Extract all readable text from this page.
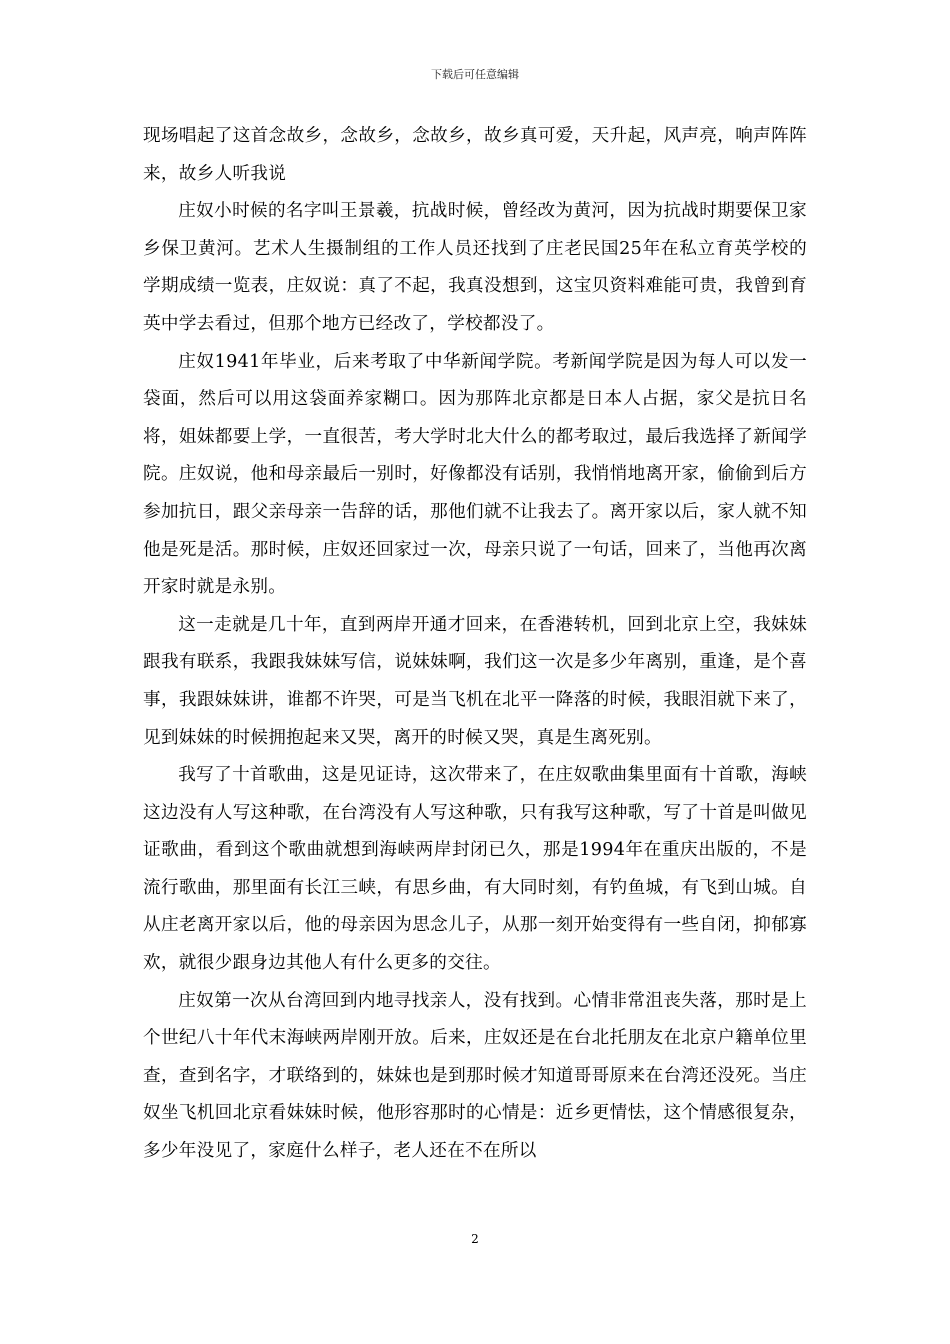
下载后可任意编辑

现场唱起了这首念故乡，念故乡，念故乡，故乡真可爱，天升起，风声亮，响声阵阵来，故乡人听我说

庄奴小时候的名字叫王景羲，抗战时候，曾经改为黄河，因为抗战时期要保卫家乡保卫黄河。艺术人生摄制组的工作人员还找到了庄老民国25年在私立育英学校的学期成绩一览表，庄奴说：真了不起，我真没想到，这宝贝资料难能可贵，我曾到育英中学去看过，但那个地方已经改了，学校都没了。

庄奴1941年毕业，后来考取了中华新闻学院。考新闻学院是因为每人可以发一袋面，然后可以用这袋面养家糊口。因为那阵北京都是日本人占据，家父是抗日名将，姐妹都要上学，一直很苦，考大学时北大什么的都考取过，最后我选择了新闻学院。庄奴说，他和母亲最后一别时，好像都没有话别，我悄悄地离开家，偷偷到后方参加抗日，跟父亲母亲一告辞的话，那他们就不让我去了。离开家以后，家人就不知他是死是活。那时候，庄奴还回家过一次，母亲只说了一句话，回来了，当他再次离开家时就是永别。

这一走就是几十年，直到两岸开通才回来，在香港转机，回到北京上空，我妹妹跟我有联系，我跟我妹妹写信，说妹妹啊，我们这一次是多少年离别，重逢，是个喜事，我跟妹妹讲，谁都不许哭，可是当飞机在北平一降落的时候，我眼泪就下来了，见到妹妹的时候拥抱起来又哭，离开的时候又哭，真是生离死别。

我写了十首歌曲，这是见证诗，这次带来了，在庄奴歌曲集里面有十首歌，海峡这边没有人写这种歌，在台湾没有人写这种歌，只有我写这种歌，写了十首是叫做见证歌曲，看到这个歌曲就想到海峡两岸封闭已久，那是1994年在重庆出版的，不是流行歌曲，那里面有长江三峡，有思乡曲，有大同时刻，有钓鱼城，有飞到山城。自从庄老离开家以后，他的母亲因为思念儿子，从那一刻开始变得有一些自闭，抑郁寡欢，就很少跟身边其他人有什么更多的交往。

庄奴第一次从台湾回到内地寻找亲人，没有找到。心情非常沮丧失落，那时是上个世纪八十年代末海峡两岸刚开放。后来，庄奴还是在台北托朋友在北京户籍单位里查，查到名字，才联络到的，妹妹也是到那时候才知道哥哥原来在台湾还没死。当庄奴坐飞机回北京看妹妹时候，他形容那时的心情是：近乡更情怯，这个情感很复杂，多少年没见了，家庭什么样子，老人还在不在所以

2
